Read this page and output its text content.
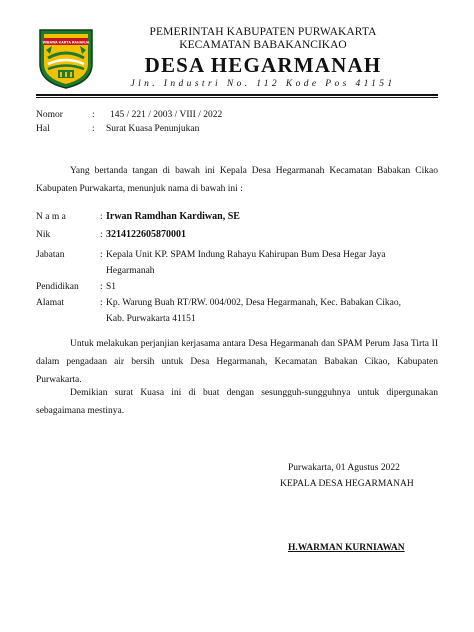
WIBAWA KARTA RAHARJA
PEMERINTAH KABUPATEN PURWAKARTA
KECAMATAN BABAKANCIKAO
DESA HEGARMANAH
Jln. Industri No. 112 Kode Pos 41151
Nomor	: 145 / 221 / 2003 / VIII / 2022
Hal	: Surat Kuasa Penunjukan
Yang bertanda tangan di bawah ini Kepala Desa Hegarmanah Kecamatan Babakan Cikao Kabupaten Purwakarta, menunjuk nama di bawah ini :
N a m a	: Irwan Ramdhan Kardiwan, SE
Nik	: 3214122605870001
Jabatan	: Kepala Unit KP. SPAM Indung Rahayu Kahirupan Bum Desa Hegar Jaya Hegarmanah
Pendidikan : S1
Alamat	: Kp. Warung Buah RT/RW. 004/002, Desa Hegarmanah, Kec. Babakan Cikao, Kab. Purwakarta 41151
Untuk melakukan perjanjian kerjasama antara Desa Hegarmanah dan SPAM Perum Jasa Tirta II dalam pengadaan air bersih untuk Desa Hegarmanah, Kecamatan Babakan Cikao, Kabupaten Purwakarta.
Demikian surat Kuasa ini di buat dengan sesungguh-sungguhnya untuk dipergunakan sebagaimana mestinya.
Purwakarta, 01 Agustus 2022
KEPALA DESA HEGARMANAH
H.WARMAN KURNIAWAN
